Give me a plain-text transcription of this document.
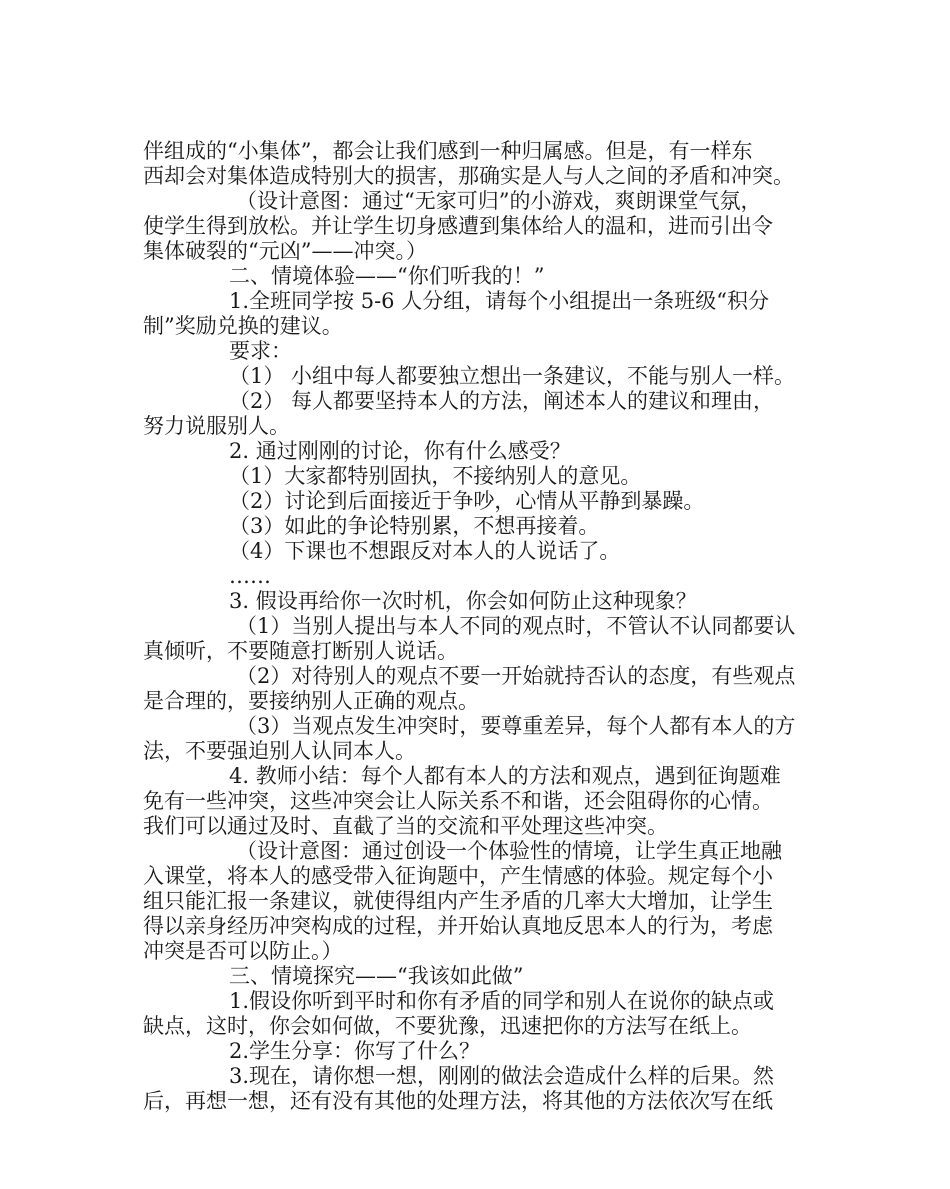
伴组成的“小集体”，都会让我们感到一种归属感。但是，有一样东
西却会对集体造成特别大的损害，那确实是人与人之间的矛盾和冲突。
（设计意图：通过“无家可归”的小游戏，爽朗课堂气氛，
使学生得到放松。并让学生切身感遭到集体给人的温和，进而引出令
集体破裂的“元凶”——冲突。）
二、情境体验——“你们听我的！”
1.全班同学按 5-6 人分组，请每个小组提出一条班级“积分
制”奖励兑换的建议。
要求：
（1） 小组中每人都要独立想出一条建议，不能与别人一样。
（2） 每人都要坚持本人的方法，阐述本人的建议和理由，
努力说服别人。
2. 通过刚刚的讨论，你有什么感受？
（1）大家都特别固执，不接纳别人的意见。
（2）讨论到后面接近于争吵，心情从平静到暴躁。
（3）如此的争论特别累，不想再接着。
（4）下课也不想跟反对本人的人说话了。
……
3. 假设再给你一次时机，你会如何防止这种现象？
（1）当别人提出与本人不同的观点时，不管认不认同都要认
真倾听，不要随意打断别人说话。
（2）对待别人的观点不要一开始就持否认的态度，有些观点
是合理的，要接纳别人正确的观点。
（3）当观点发生冲突时，要尊重差异，每个人都有本人的方
法，不要强迫别人认同本人。
4. 教师小结：每个人都有本人的方法和观点，遇到征询题难
免有一些冲突，这些冲突会让人际关系不和谐，还会阻碍你的心情。
我们可以通过及时、直截了当的交流和平处理这些冲突。
（设计意图：通过创设一个体验性的情境，让学生真正地融
入课堂，将本人的感受带入征询题中，产生情感的体验。规定每个小
组只能汇报一条建议，就使得组内产生矛盾的几率大大增加，让学生
得以亲身经历冲突构成的过程，并开始认真地反思本人的行为，考虑
冲突是否可以防止。）
三、情境探究——“我该如此做”
1.假设你听到平时和你有矛盾的同学和别人在说你的缺点或
缺点，这时，你会如何做，不要犹豫，迅速把你的方法写在纸上。
2.学生分享：你写了什么？
3.现在，请你想一想，刚刚的做法会造成什么样的后果。然
后，再想一想，还有没有其他的处理方法，将其他的方法依次写在纸
